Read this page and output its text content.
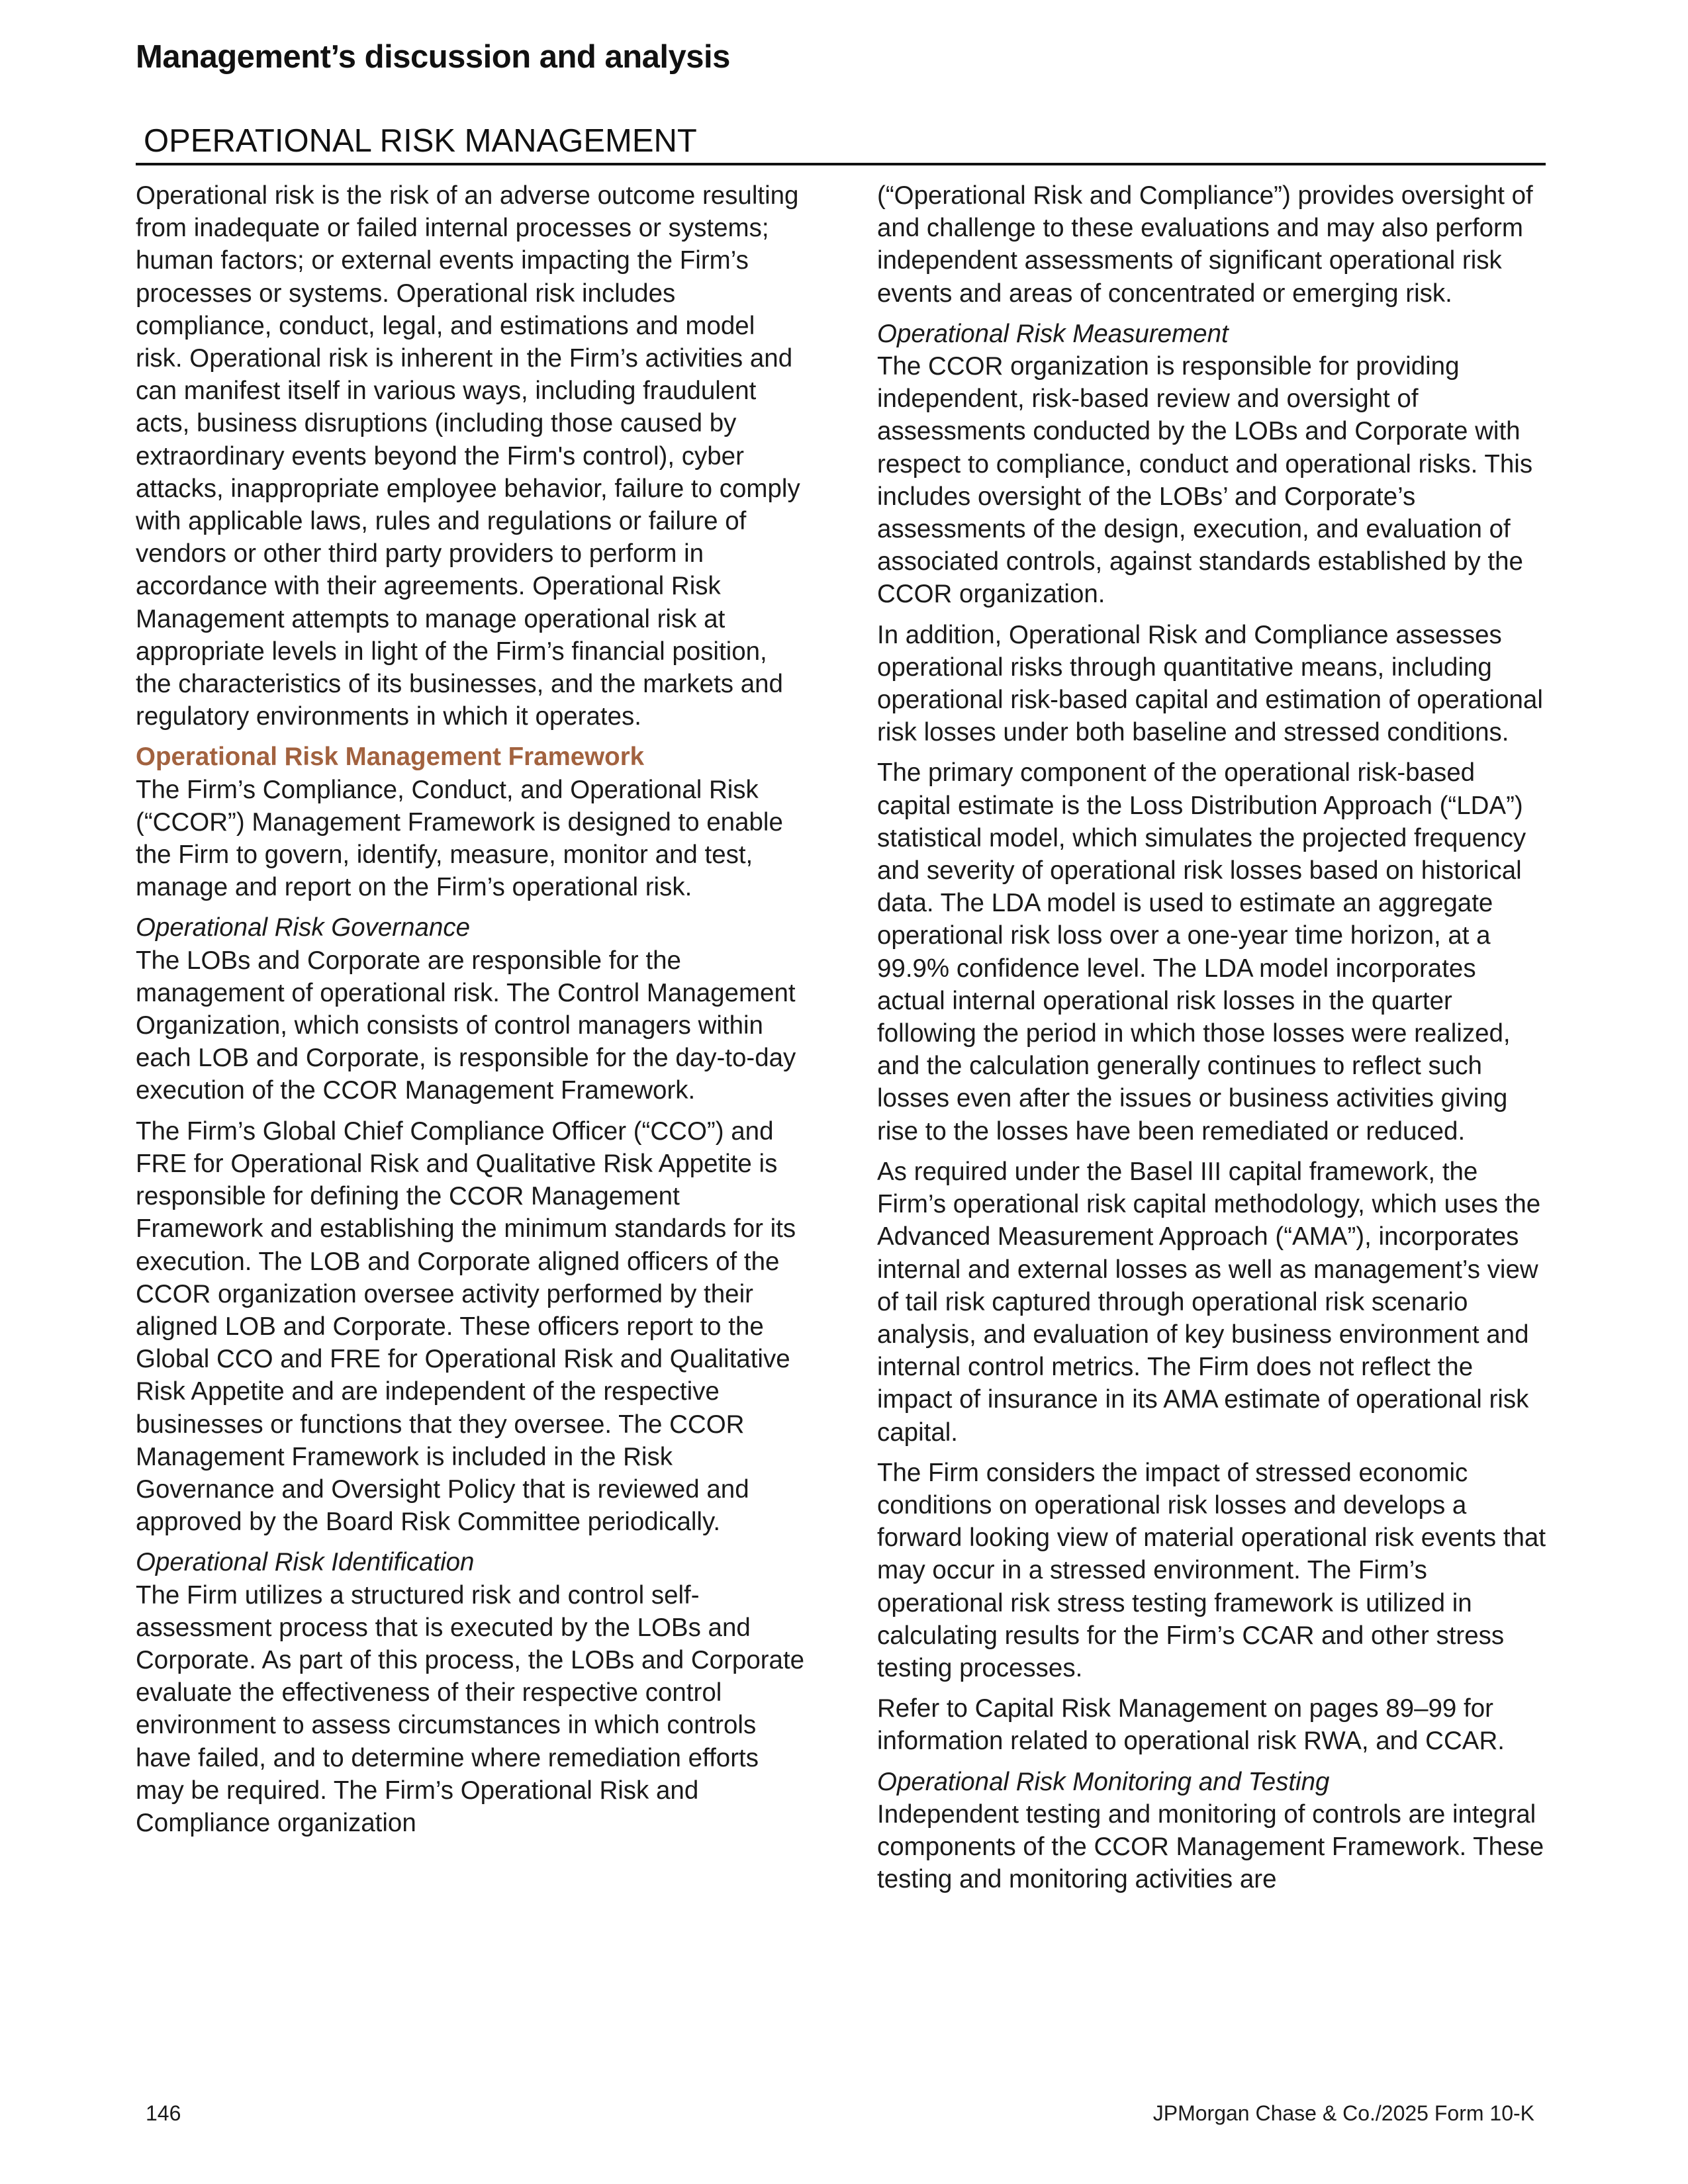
Management’s discussion and analysis
OPERATIONAL RISK MANAGEMENT

Operational risk is the risk of an adverse outcome resulting from inadequate or failed internal processes or systems; human factors; or external events impacting the Firm’s processes or systems. Operational risk includes compliance, conduct, legal, and estimations and model risk. Operational risk is inherent in the Firm’s activities and can manifest itself in various ways, including fraudulent acts, business disruptions (including those caused by extraordinary events beyond the Firm's control), cyber attacks, inappropriate employee behavior, failure to comply with applicable laws, rules and regulations or failure of vendors or other third party providers to perform in accordance with their agreements. Operational Risk Management attempts to manage operational risk at appropriate levels in light of the Firm’s financial position, the characteristics of its businesses, and the markets and regulatory environments in which it operates.

Operational Risk Management Framework
The Firm’s Compliance, Conduct, and Operational Risk (“CCOR”) Management Framework is designed to enable the Firm to govern, identify, measure, monitor and test, manage and report on the Firm’s operational risk.

Operational Risk Governance
The LOBs and Corporate are responsible for the management of operational risk. The Control Management Organization, which consists of control managers within each LOB and Corporate, is responsible for the day-to-day execution of the CCOR Management Framework.

The Firm’s Global Chief Compliance Officer (“CCO”) and FRE for Operational Risk and Qualitative Risk Appetite is responsible for defining the CCOR Management Framework and establishing the minimum standards for its execution. The LOB and Corporate aligned officers of the CCOR organization oversee activity performed by their aligned LOB and Corporate. These officers report to the Global CCO and FRE for Operational Risk and Qualitative Risk Appetite and are independent of the respective businesses or functions that they oversee. The CCOR Management Framework is included in the Risk Governance and Oversight Policy that is reviewed and approved by the Board Risk Committee periodically.

Operational Risk Identification
The Firm utilizes a structured risk and control self-assessment process that is executed by the LOBs and Corporate. As part of this process, the LOBs and Corporate evaluate the effectiveness of their respective control environment to assess circumstances in which controls have failed, and to determine where remediation efforts may be required. The Firm’s Operational Risk and Compliance organization

(“Operational Risk and Compliance”) provides oversight of and challenge to these evaluations and may also perform independent assessments of significant operational risk events and areas of concentrated or emerging risk.

Operational Risk Measurement
The CCOR organization is responsible for providing independent, risk-based review and oversight of assessments conducted by the LOBs and Corporate with respect to compliance, conduct and operational risks. This includes oversight of the LOBs’ and Corporate’s assessments of the design, execution, and evaluation of associated controls, against standards established by the CCOR organization.

In addition, Operational Risk and Compliance assesses operational risks through quantitative means, including operational risk-based capital and estimation of operational risk losses under both baseline and stressed conditions.

The primary component of the operational risk-based capital estimate is the Loss Distribution Approach (“LDA”) statistical model, which simulates the projected frequency and severity of operational risk losses based on historical data. The LDA model is used to estimate an aggregate operational risk loss over a one-year time horizon, at a 99.9% confidence level. The LDA model incorporates actual internal operational risk losses in the quarter following the period in which those losses were realized, and the calculation generally continues to reflect such losses even after the issues or business activities giving rise to the losses have been remediated or reduced.

As required under the Basel III capital framework, the Firm’s operational risk capital methodology, which uses the Advanced Measurement Approach (“AMA”), incorporates internal and external losses as well as management’s view of tail risk captured through operational risk scenario analysis, and evaluation of key business environment and internal control metrics. The Firm does not reflect the impact of insurance in its AMA estimate of operational risk capital.

The Firm considers the impact of stressed economic conditions on operational risk losses and develops a forward looking view of material operational risk events that may occur in a stressed environment. The Firm’s operational risk stress testing framework is utilized in calculating results for the Firm’s CCAR and other stress testing processes.

Refer to Capital Risk Management on pages 89–99 for information related to operational risk RWA, and CCAR.

Operational Risk Monitoring and Testing
Independent testing and monitoring of controls are integral components of the CCOR Management Framework. These testing and monitoring activities are

146	JPMorgan Chase & Co./2025 Form 10-K
